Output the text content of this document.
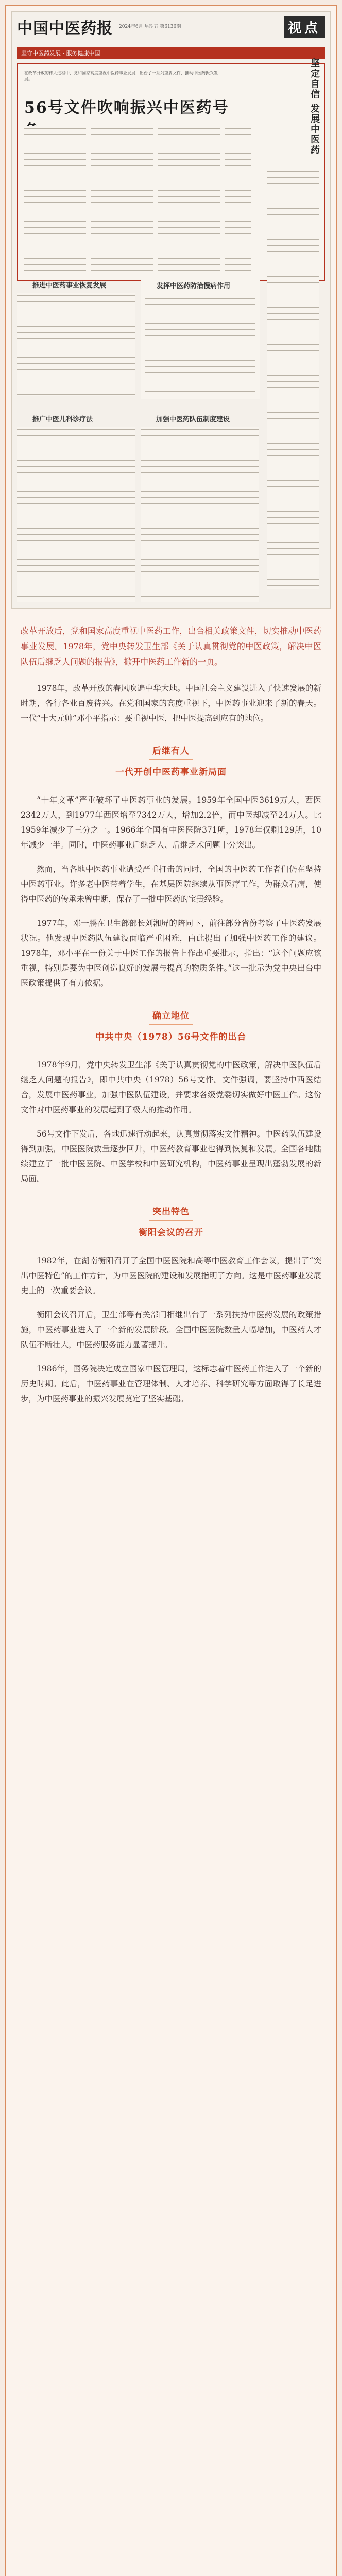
中国中医药报 2024年6月 星期五 第6136期	视点
坚守中医药发展 · 服务健康中国
在改革开放的伟大进程中，党和国家高度重视中医药事业发展，出台了一系列重要文件，推动中医药振兴发展。
56号文件吹响振兴中医药号	坚定自信 发展中医药
推进中医药事业恢复发展	发挥中医药防治慢病作用
推广中医儿科诊疗法	加强中医药队伍制度建设

改革开放后，党和国家高度重视中医药工作，出台相关政策文件，切实推动中医药事业发展。1978年，党中央转发卫生部《关于认真贯彻党的中医政策，解决中医队伍后继乏人问题的报告》，掀开中医药工作新的一页。

1978年，改革开放的春风吹遍中华大地。中国社会主义建设进入了快速发展的新时期，各行各业百废待兴。在党和国家的高度重视下，中医药事业迎来了新的春天。一代“十大元帅”邓小平指示：要重视中医，把中医提高到应有的地位。

后继有人
一代开创中医药事业新局面

“十年文革”严重破坏了中医药事业的发展。1959年全国中医3619万人，西医2342万人，到1977年西医增至7342万人，增加2.2倍，而中医却减至24万人。比1959年减少了三分之一。1966年全国有中医医院371所，1978年仅剩129所，10年减少一半。同时，中医药事业后继乏人、后继乏术问题十分突出。

然而，当各地中医药事业遭受严重打击的同时，全国的中医药工作者们仍在坚持中医药事业。许多老中医带着学生，在基层医院继续从事医疗工作，为群众看病，使得中医药的传承未曾中断，保存了一批中医药的宝贵经验。

1977年，邓一鹏在卫生部部长刘湘屏的陪同下，前往部分省份考察了中医药发展状况。他发现中医药队伍建设面临严重困难，由此提出了加强中医药工作的建议。1978年，邓小平在一份关于中医工作的报告上作出重要批示，指出：“这个问题应该重视，特别是要为中医创造良好的发展与提高的物质条件。”这一批示为党中央出台中医政策提供了有力依据。

确立地位
中共中央（1978）56号文件的出台

1978年9月，党中央转发卫生部《关于认真贯彻党的中医政策，解决中医队伍后继乏人问题的报告》，即中共中央（1978）56号文件。文件强调，要坚持中西医结合，发展中医药事业，加强中医队伍建设，并要求各级党委切实做好中医工作。这份文件对中医药事业的发展起到了极大的推动作用。

56号文件下发后，各地迅速行动起来，认真贯彻落实文件精神。中医药队伍建设得到加强，中医医院数量逐步回升，中医药教育事业也得到恢复和发展。全国各地陆续建立了一批中医医院、中医学校和中医研究机构，中医药事业呈现出蓬勃发展的新局面。

突出特色
衡阳会议的召开

1982年，在湖南衡阳召开了全国中医医院和高等中医教育工作会议，提出了“突出中医特色”的工作方针，为中医医院的建设和发展指明了方向。这是中医药事业发展史上的一次重要会议。

衡阳会议召开后，卫生部等有关部门相继出台了一系列扶持中医药发展的政策措施，中医药事业进入了一个新的发展阶段。全国中医医院数量大幅增加，中医药人才队伍不断壮大，中医药服务能力显著提升。

1986年，国务院决定成立国家中医管理局，这标志着中医药工作进入了一个新的历史时期。此后，中医药事业在管理体制、人才培养、科学研究等方面取得了长足进步，为中医药事业的振兴发展奠定了坚实基础。
